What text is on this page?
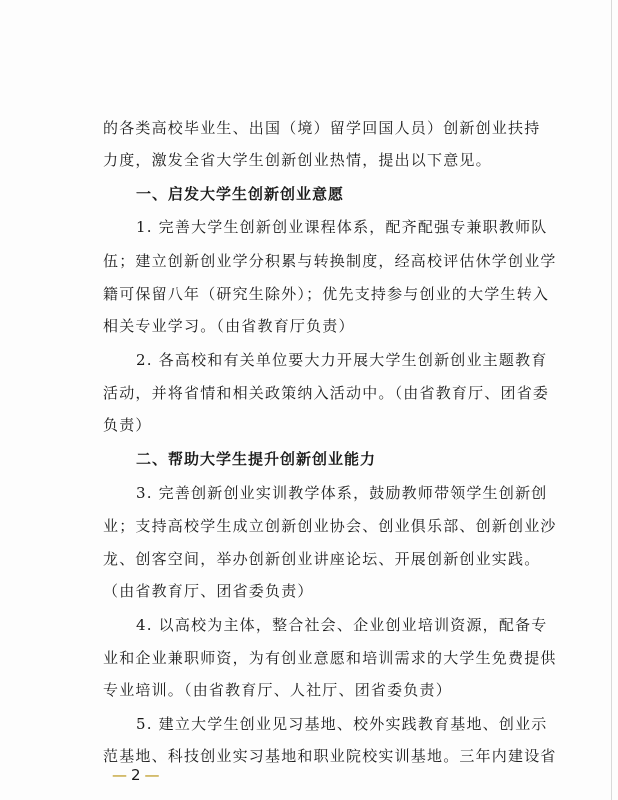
的各类高校毕业生、出国（境）留学回国人员）创新创业扶持
力度，激发全省大学生创新创业热情，提出以下意见。
一、启发大学生创新创业意愿
1. 完善大学生创新创业课程体系，配齐配强专兼职教师队
伍；建立创新创业学分积累与转换制度，经高校评估休学创业学
籍可保留八年（研究生除外）；优先支持参与创业的大学生转入
相关专业学习。（由省教育厅负责）
2. 各高校和有关单位要大力开展大学生创新创业主题教育
活动，并将省情和相关政策纳入活动中。（由省教育厅、团省委
负责）
二、帮助大学生提升创新创业能力
3. 完善创新创业实训教学体系，鼓励教师带领学生创新创
业；支持高校学生成立创新创业协会、创业俱乐部、创新创业沙
龙、创客空间，举办创新创业讲座论坛、开展创新创业实践。
（由省教育厅、团省委负责）
4. 以高校为主体，整合社会、企业创业培训资源，配备专
业和企业兼职师资，为有创业意愿和培训需求的大学生免费提供
专业培训。（由省教育厅、人社厅、团省委负责）
5. 建立大学生创业见习基地、校外实践教育基地、创业示
范基地、科技创业实习基地和职业院校实训基地。三年内建设省
— 2 —
